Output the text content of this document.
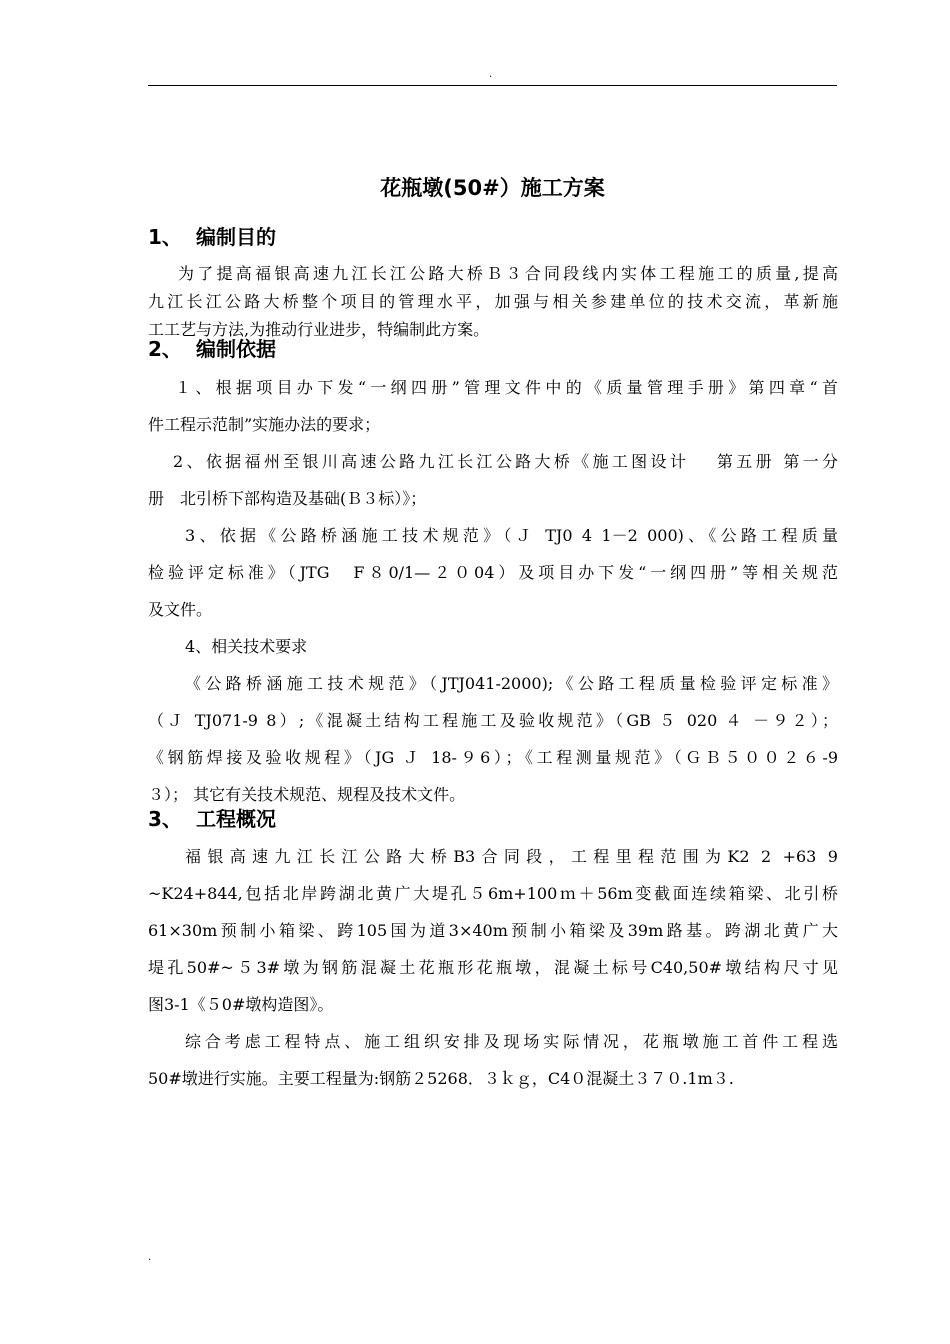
.
花瓶墩(50#）施工方案
1、 编制目的
为了提高福银高速九江长江公路大桥Ｂ３合同段线内实体工程施工的质量,提高
九江长江公路大桥整个项目的管理水平，加强与相关参建单位的技术交流，革新施
工工艺与方法,为推动行业进步，特编制此方案。
2、 编制依据
１、根据项目办下发“一纲四册”管理文件中的《质量管理手册》第四章“首
件工程示范制”实施办法的要求；
2、依据福州至银川高速公路九江长江公路大桥《施工图设计　 第五册 第一分
册　北引桥下部构造及基础(Ｂ３标）》；
3、依据《公路桥涵施工技术规范》（Ｊ TJ0 4 1－2 000)、《公路工程质量
检验评定标准》（JTG　F８0/1—２０04）及项目办下发“一纲四册”等相关规范
及文件。
4、相关技术要求
《公路桥涵施工技术规范》（JTJ041-2000);《公路工程质量检验评定标准》
（Ｊ TJ071-9 8）;《混凝土结构工程施工及验收规范》（GB ５ 020 ４ －９２）；
《钢筋焊接及验收规程》（JG Ｊ 18-９6）；《工程测量规范》（ＧＢ５００２６-9
３）； 其它有关技术规范、规程及技术文件。
3、 工程概况
福银高速九江长江公路大桥B3合同段，工程里程范围为K2 2 +63 9
~K24+844,包括北岸跨湖北黄广大堤孔５6m+100ｍ＋56m变截面连续箱梁、北引桥
61×30m预制小箱梁、跨105国为道3×40m预制小箱梁及39m路基。跨湖北黄广大
堤孔50#~５3#墩为钢筋混凝土花瓶形花瓶墩，混凝土标号C40,50#墩结构尺寸见
图3-1《５0#墩构造图》。
综合考虑工程特点、施工组织安排及现场实际情况，花瓶墩施工首件工程选
50#墩进行实施。主要工程量为:钢筋２5268．３ｋｇ，C4０混凝土３７０.1m３.
.
